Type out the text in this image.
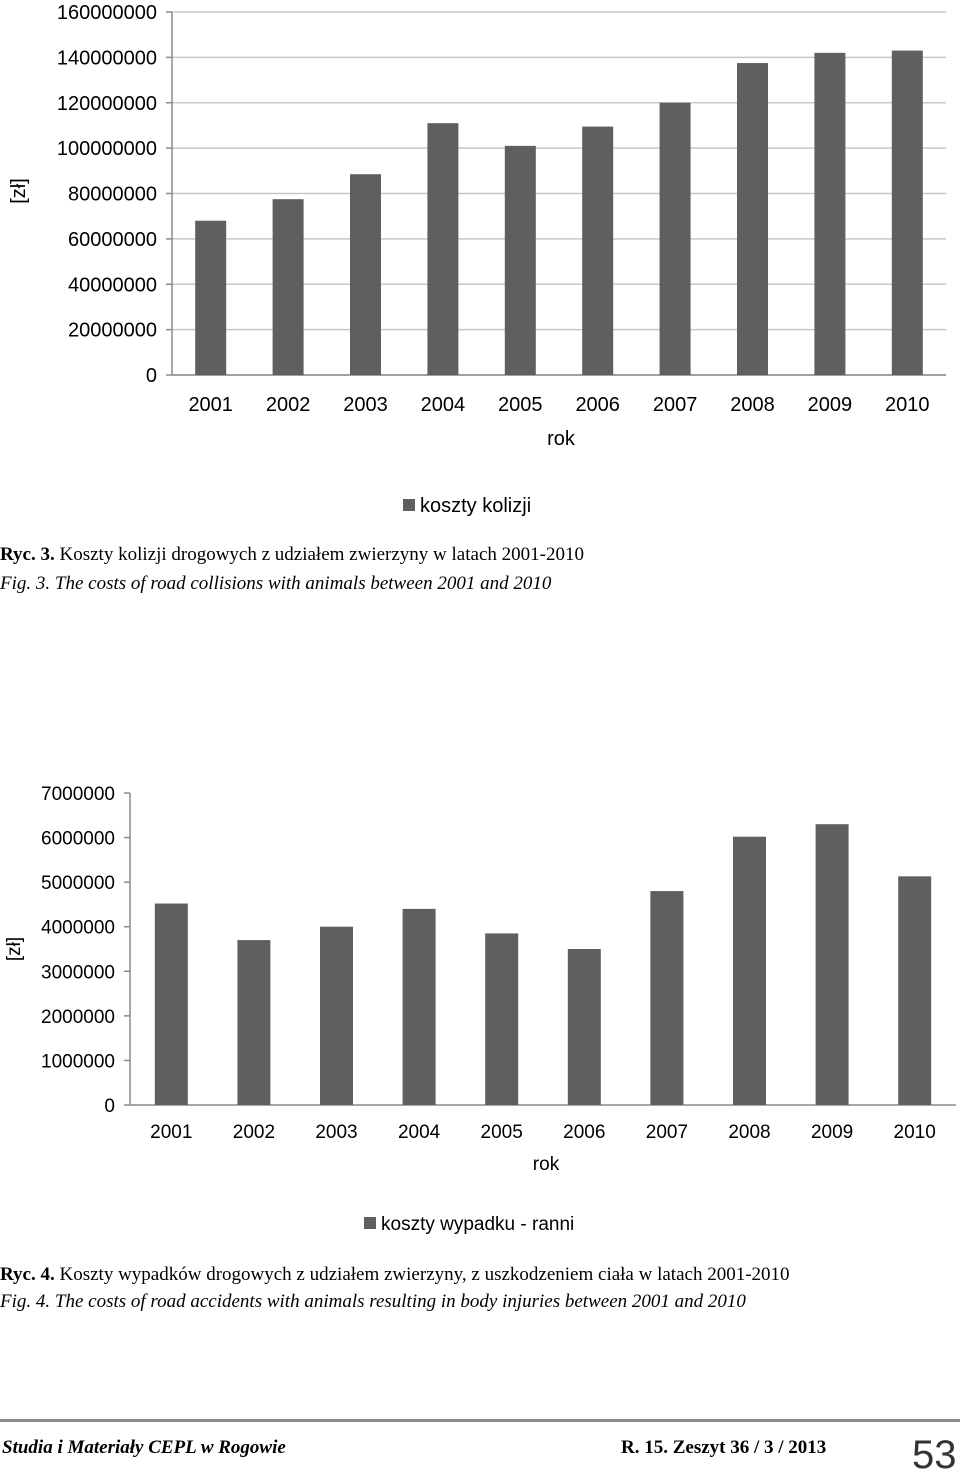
0
20000000
40000000
60000000
80000000
100000000
120000000
140000000
160000000
2001 2002 2003 2004 2005 2006 2007 2008 2009 2010
rok
[zł]
koszty kolizji
Ryc. 3. Koszty kolizji drogowych z udziałem zwierzyny w latach 2001-2010
Fig. 3. The costs of road collisions with animals between 2001 and 2010
0
1000000
2000000
3000000
4000000
5000000
6000000
7000000
2001 2002 2003 2004 2005 2006 2007 2008 2009 2010
rok
[zł]
koszty wypadku - ranni
Ryc. 4. Koszty wypadków drogowych z udziałem zwierzyny, z uszkodzeniem ciała w latach 2001-2010
Fig. 4. The costs of road accidents with animals resulting in body injuries between 2001 and 2010
Studia i Materiały CEPL w Rogowie	R. 15. Zeszyt 36 / 3 / 2013 53
